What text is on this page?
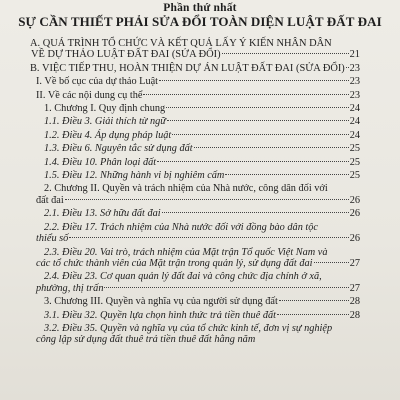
Phần thứ nhất
SỰ CẦN THIẾT PHẢI SỬA ĐỔI TOÀN DIỆN LUẬT ĐẤT ĐAI
A. QUÁ TRÌNH TỔ CHỨC VÀ KẾT QUẢ LẤY Ý KIẾN NHÂN DÂN
VỀ DỰ THẢO LUẬT ĐẤT ĐAI (SỬA ĐỔI)	21
B. VIỆC TIẾP THU, HOÀN THIỆN DỰ ÁN LUẬT ĐẤT ĐAI (SỬA ĐỔI) 23
I. Về bố cục của dự thảo Luật	23
II. Về các nội dung cụ thể	23
1. Chương I. Quy định chung	24
1.1. Điều 3. Giải thích từ ngữ	24
1.2. Điều 4. Áp dụng pháp luật	24
1.3. Điều 6. Nguyên tắc sử dụng đất	25
1.4. Điều 10. Phân loại đất	25
1.5. Điều 12. Những hành vi bị nghiêm cấm	25
2. Chương II. Quyền và trách nhiệm của Nhà nước, công dân đối với
đất đai	26
2.1. Điều 13. Sở hữu đất đai	26
2.2. Điều 17. Trách nhiệm của Nhà nước đối với đồng bào dân tộc
thiểu số	26
2.3. Điều 20. Vai trò, trách nhiệm của Mặt trận Tổ quốc Việt Nam và
các tổ chức thành viên của Mặt trận trong quản lý, sử dụng đất đai	27
2.4. Điều 23. Cơ quan quản lý đất đai và công chức địa chính ở xã,
phường, thị trấn	27
3. Chương III. Quyền và nghĩa vụ của người sử dụng đất	28
3.1. Điều 32. Quyền lựa chọn hình thức trả tiền thuê đất	28
3.2. Điều 35. Quyền và nghĩa vụ của tổ chức kinh tế, đơn vị sự nghiệp
công lập sử dụng đất thuê trả tiền thuê đất hằng năm
